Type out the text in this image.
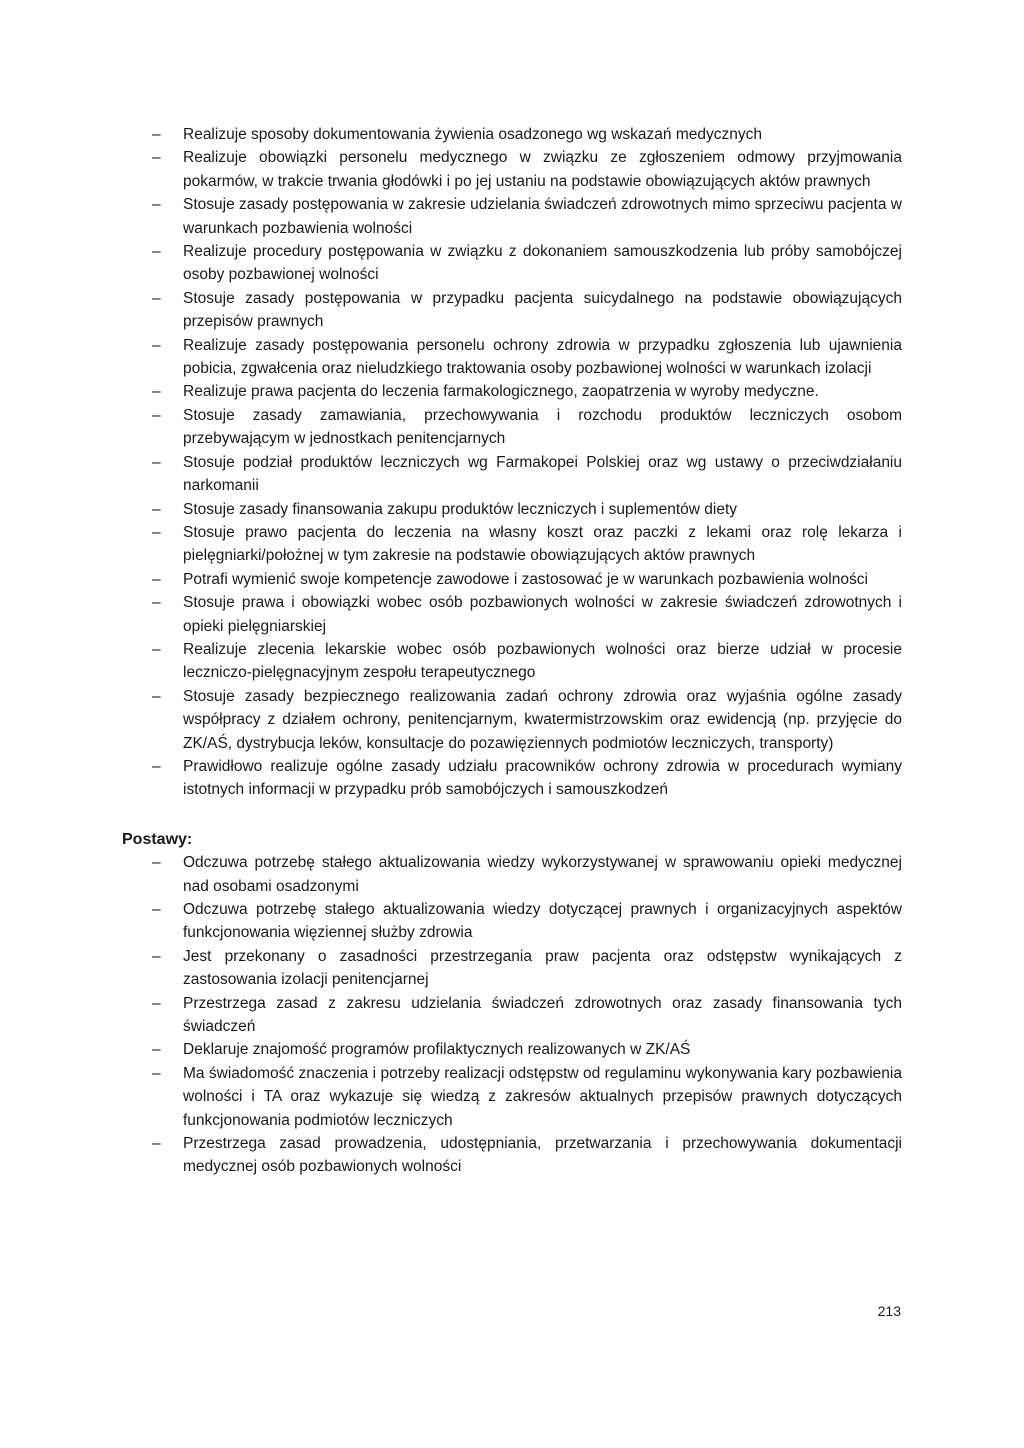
–	Realizuje sposoby dokumentowania żywienia osadzonego wg wskazań medycznych
–	Realizuje obowiązki personelu medycznego w związku ze zgłoszeniem odmowy przyjmowania pokarmów, w trakcie trwania głodówki i po jej ustaniu na podstawie obowiązujących aktów prawnych
–	Stosuje zasady postępowania w zakresie udzielania świadczeń zdrowotnych mimo sprzeciwu pacjenta w warunkach pozbawienia wolności
–	Realizuje procedury postępowania w związku z dokonaniem samouszkodzenia lub próby samobójczej osoby pozbawionej wolności
–	Stosuje zasady postępowania w przypadku pacjenta suicydalnego na podstawie obowiązujących przepisów prawnych
–	Realizuje zasady postępowania personelu ochrony zdrowia w przypadku zgłoszenia lub ujawnienia pobicia, zgwałcenia oraz nieludzkiego traktowania osoby pozbawionej wolności w warunkach izolacji
–	Realizuje prawa pacjenta do leczenia farmakologicznego, zaopatrzenia w wyroby medyczne.
–	Stosuje zasady zamawiania, przechowywania i rozchodu produktów leczniczych osobom przebywającym w jednostkach penitencjarnych
–	Stosuje podział produktów leczniczych wg Farmakopei Polskiej oraz wg ustawy o przeciwdziałaniu narkomanii
–	Stosuje zasady finansowania zakupu produktów leczniczych i suplementów diety
–	Stosuje prawo pacjenta do leczenia na własny koszt oraz paczki z lekami oraz rolę lekarza i pielęgniarki/położnej w tym zakresie na podstawie obowiązujących aktów prawnych
–	Potrafi wymienić swoje kompetencje zawodowe i zastosować je w warunkach pozbawienia wolności
–	Stosuje prawa i obowiązki wobec osób pozbawionych wolności w zakresie świadczeń zdrowotnych i opieki pielęgniarskiej
–	Realizuje zlecenia lekarskie wobec osób pozbawionych wolności oraz bierze udział w procesie leczniczo-pielęgnacyjnym zespołu terapeutycznego
–	Stosuje zasady bezpiecznego realizowania zadań ochrony zdrowia oraz wyjaśnia ogólne zasady współpracy z działem ochrony, penitencjarnym, kwatermistrzowskim oraz ewidencją (np. przyjęcie do ZK/AŚ, dystrybucja leków, konsultacje do pozawięziennych podmiotów leczniczych, transporty)
–	Prawidłowo realizuje ogólne zasady udziału pracowników ochrony zdrowia w procedurach wymiany istotnych informacji w przypadku prób samobójczych i samouszkodzeń
Postawy:
–	Odczuwa potrzebę stałego aktualizowania wiedzy wykorzystywanej w sprawowaniu opieki medycznej nad osobami osadzonymi
–	Odczuwa potrzebę stałego aktualizowania wiedzy dotyczącej prawnych i organizacyjnych aspektów funkcjonowania więziennej służby zdrowia
–	Jest przekonany o zasadności przestrzegania praw pacjenta oraz odstępstw wynikających z zastosowania izolacji penitencjarnej
–	Przestrzega zasad z zakresu udzielania świadczeń zdrowotnych oraz zasady finansowania tych świadczeń
–	Deklaruje znajomość programów profilaktycznych realizowanych w ZK/AŚ
–	Ma świadomość znaczenia i potrzeby realizacji odstępstw od regulaminu wykonywania kary pozbawienia wolności i TA oraz wykazuje się wiedzą z zakresów aktualnych przepisów prawnych dotyczących funkcjonowania podmiotów leczniczych
–	Przestrzega zasad prowadzenia, udostępniania, przetwarzania i przechowywania dokumentacji medycznej osób pozbawionych wolności
213
